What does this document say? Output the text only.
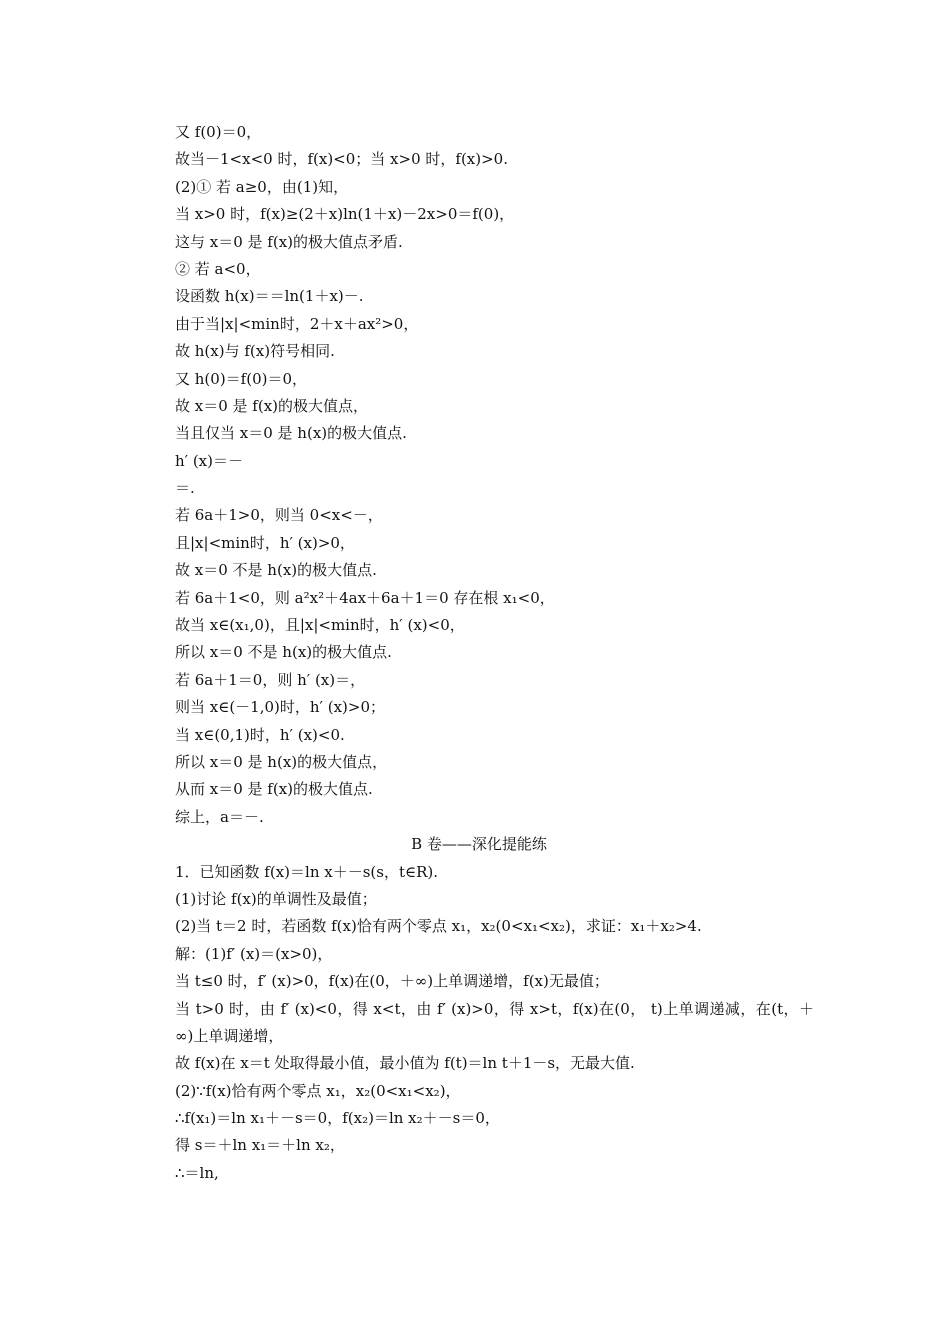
又 f(0)＝0，
故当－1<x<0 时，f(x)<0；当 x>0 时，f(x)>0.
(2)① 若 a≥0，由(1)知，
当 x>0 时，f(x)≥(2＋x)ln(1＋x)－2x>0＝f(0)，
这与 x＝0 是 f(x)的极大值点矛盾.
② 若 a<0，
设函数 h(x)＝＝ln(1＋x)－.
由于当|x|<min时，2＋x＋ax²>0，
故 h(x)与 f(x)符号相同.
又 h(0)＝f(0)＝0，
故 x＝0 是 f(x)的极大值点，
当且仅当 x＝0 是 h(x)的极大值点.
h′ (x)＝－
＝.
若 6a＋1>0，则当 0<x<－，
且|x|<min时，h′ (x)>0，
故 x＝0 不是 h(x)的极大值点.
若 6a＋1<0，则 a²x²＋4ax＋6a＋1＝0 存在根 x₁<0，
故当 x∈(x₁,0)，且|x|<min时，h′ (x)<0，
所以 x＝0 不是 h(x)的极大值点.
若 6a＋1＝0，则 h′ (x)＝，
则当 x∈(－1,0)时，h′ (x)>0；
当 x∈(0,1)时，h′ (x)<0.
所以 x＝0 是 h(x)的极大值点，
从而 x＝0 是 f(x)的极大值点.
综上，a＝－.
B 卷——深化提能练
1．已知函数 f(x)＝ln x＋－s(s，t∈R).
(1)讨论 f(x)的单调性及最值；
(2)当 t＝2 时，若函数 f(x)恰有两个零点 x₁，x₂(0<x₁<x₂)，求证：x₁＋x₂>4.
解：(1)f′ (x)＝(x>0)，
当 t≤0 时，f′ (x)>0，f(x)在(0，＋∞)上单调递增，f(x)无最值；
当 t>0 时，由 f′ (x)<0，得 x<t，由 f′ (x)>0，得 x>t，f(x)在(0， t)上单调递减，在(t，＋∞)上单调递增，
故 f(x)在 x＝t 处取得最小值，最小值为 f(t)＝ln t＋1－s，无最大值.
(2)∵f(x)恰有两个零点 x₁，x₂(0<x₁<x₂)，
∴f(x₁)＝ln x₁＋－s＝0，f(x₂)＝ln x₂＋－s＝0，
得 s＝＋ln x₁＝＋ln x₂，
∴＝ln,
